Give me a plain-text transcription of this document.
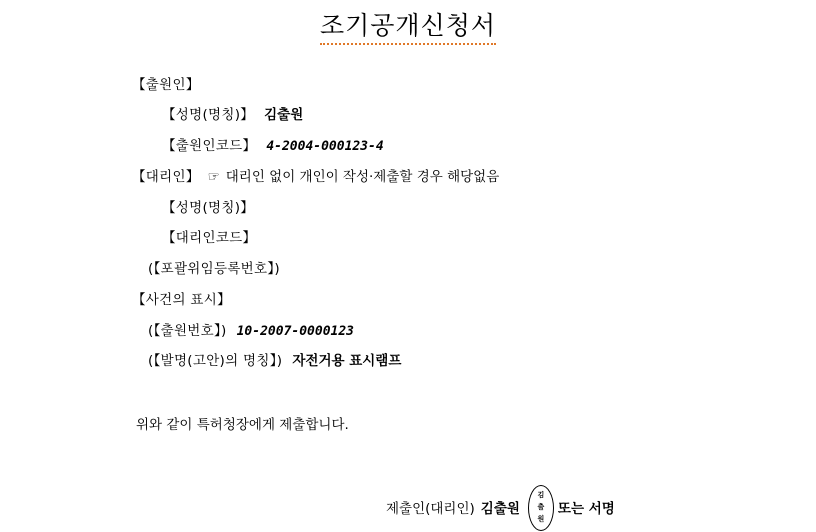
조기공개신청서
【출원인】
【성명(명칭)】 김출원
【출원인코드】 4-2004-000123-4
【대리인】 ☞ 대리인 없이 개인이 작성·제출할 경우 해당없음
【성명(명칭)】
【대리인코드】
(【포괄위임등록번호】)
【사건의 표시】
(【출원번호】) 10-2007-0000123
(【발명(고안)의 명칭】) 자전거용 표시램프
위와 같이 특허청장에게 제출합니다.
제출인(대리인) 김출원
김
출
원
또는 서명
